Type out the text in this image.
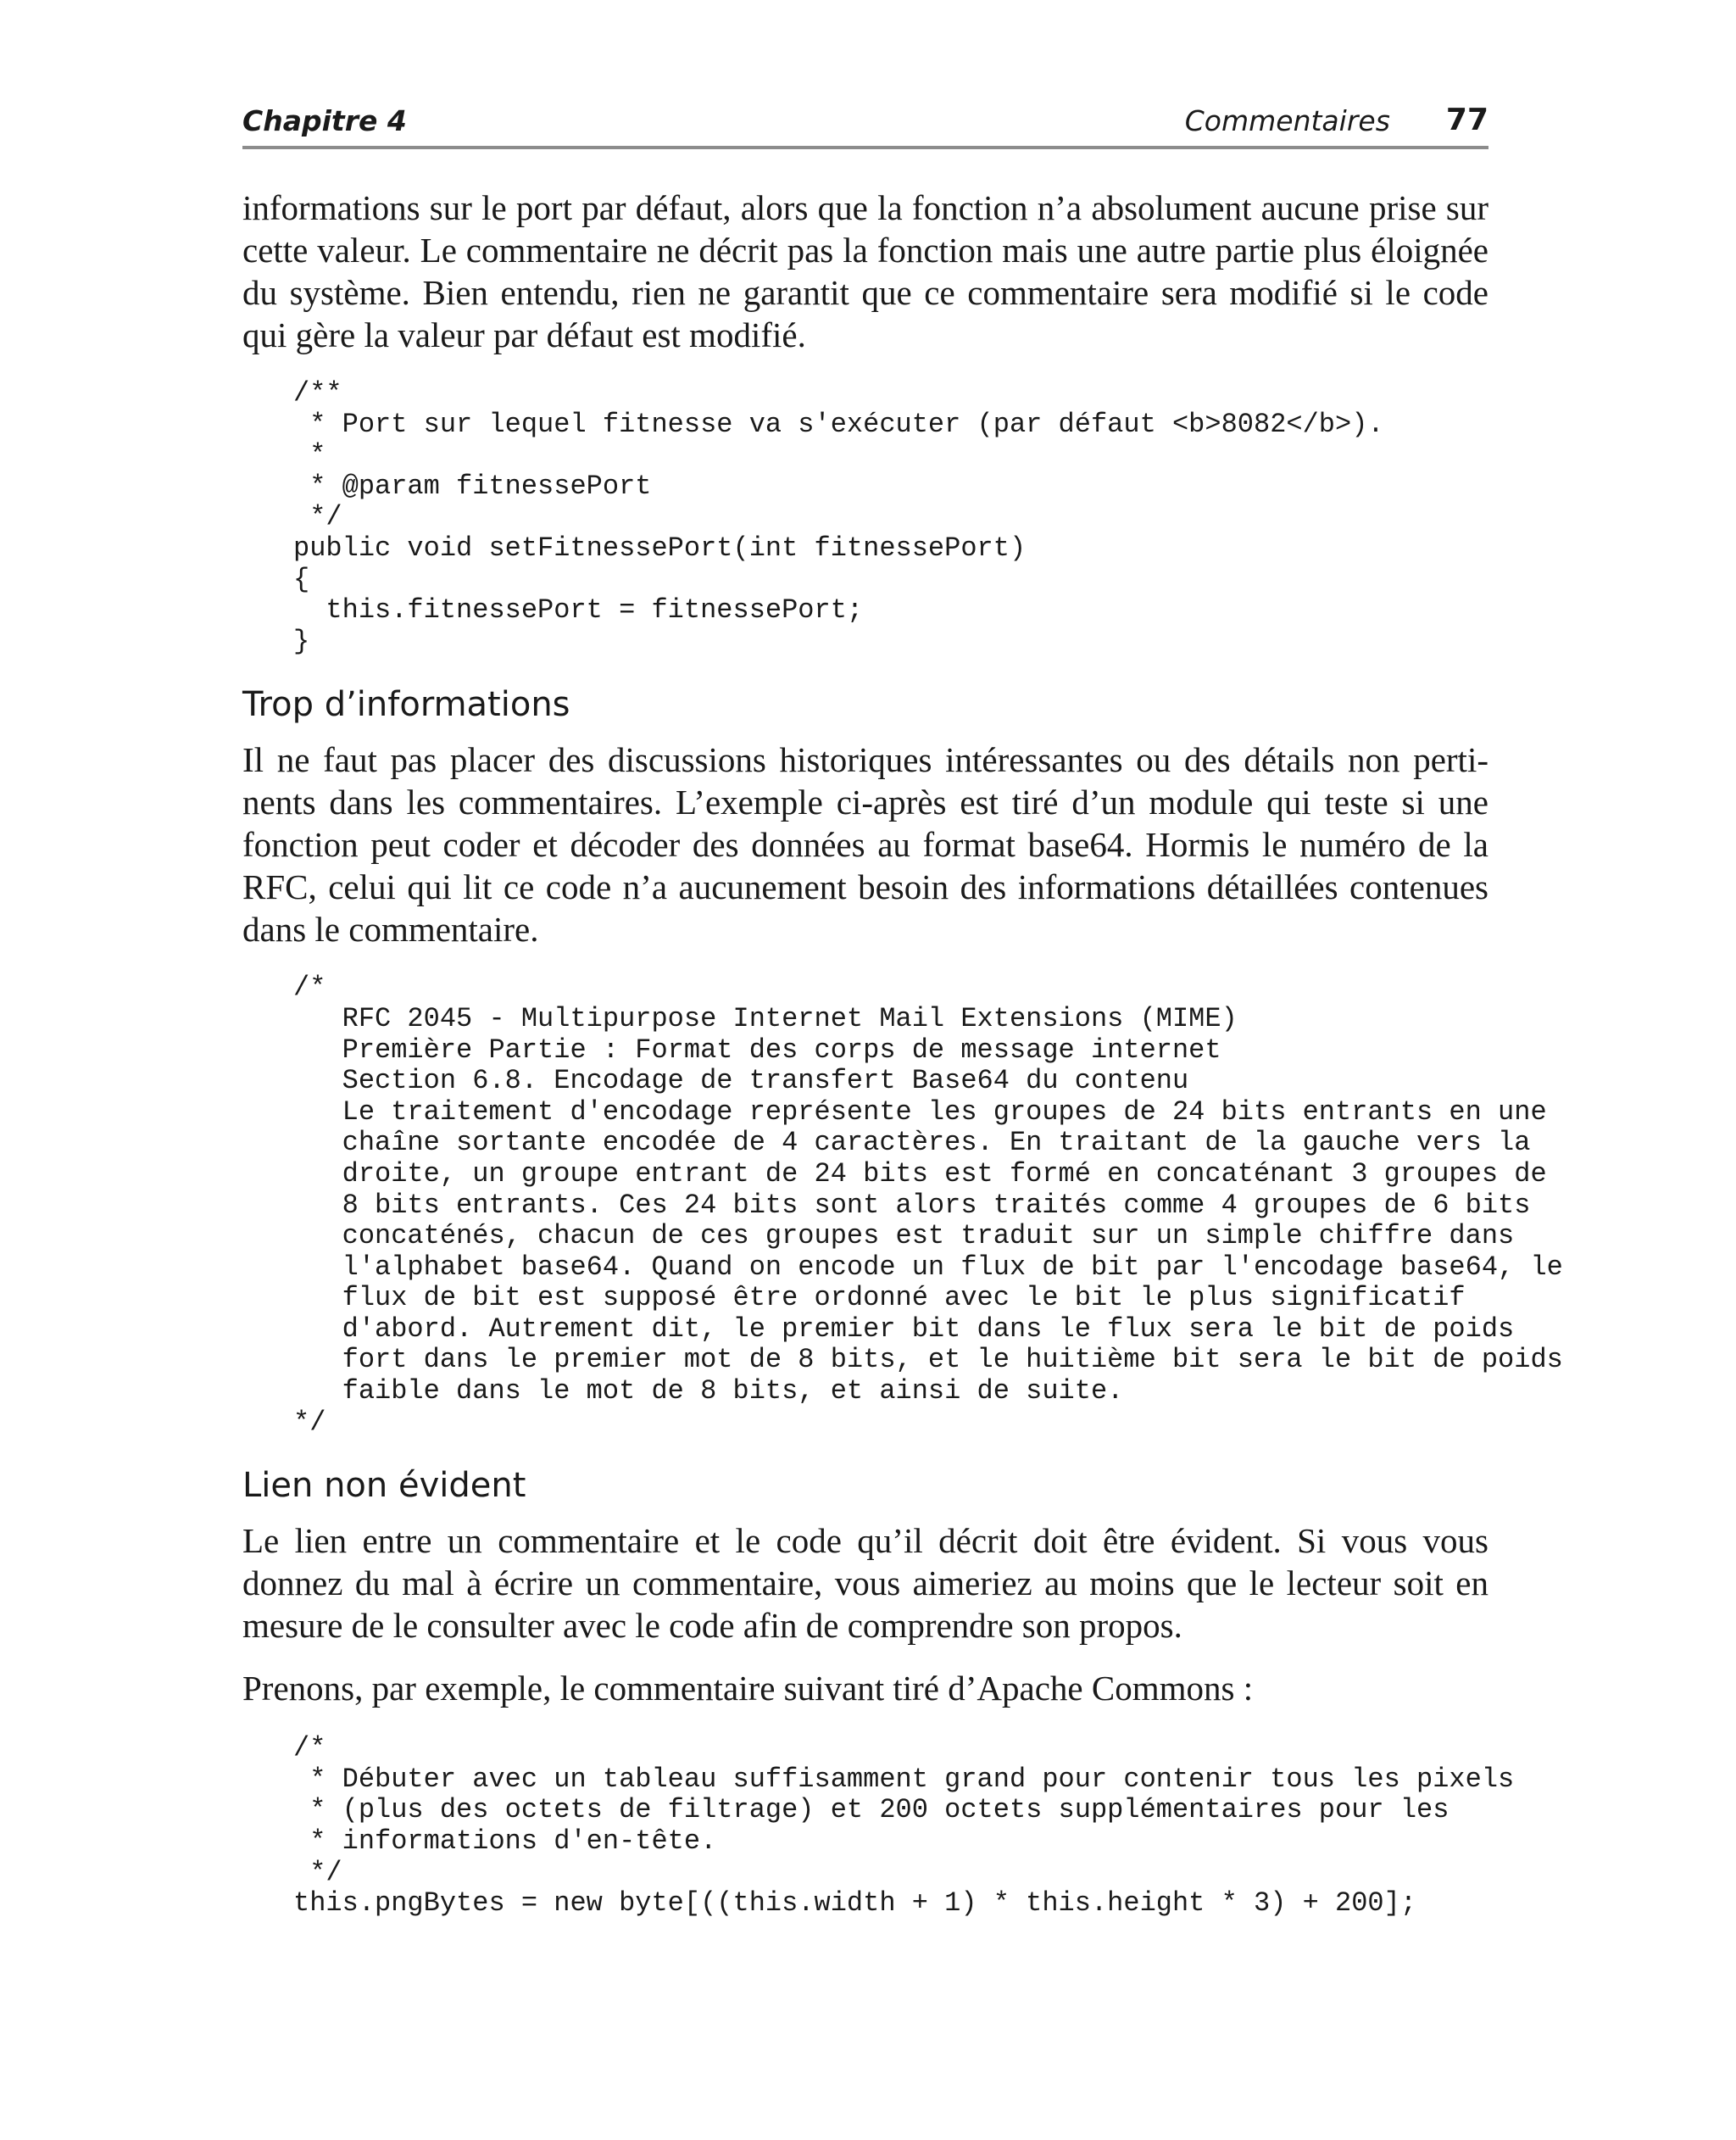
Chapitre 4	Commentaires 77

informations sur le port par défaut, alors que la fonction n’a absolument aucune prise sur cette valeur. Le commentaire ne décrit pas la fonction mais une autre partie plus éloignée du système. Bien entendu, rien ne garantit que ce commentaire sera modifié si le code qui gère la valeur par défaut est modifié.

/**
* Port sur lequel fitnesse va s'exécuter (par défaut <b>8082</b>).
*
* @param fitnessePort
*/
public void setFitnessePort(int fitnessePort)
{
this.fitnessePort = fitnessePort;
}
Trop d’informations

Il ne faut pas placer des discussions historiques intéressantes ou des détails non perti-nents dans les commentaires. L’exemple ci-après est tiré d’un module qui teste si une fonction peut coder et décoder des données au format base64. Hormis le numéro de la RFC, celui qui lit ce code n’a aucunement besoin des informations détaillées contenues dans le commentaire.

/*
RFC 2045 - Multipurpose Internet Mail Extensions (MIME)
Première Partie : Format des corps de message internet
Section 6.8. Encodage de transfert Base64 du contenu
Le traitement d'encodage représente les groupes de 24 bits entrants en une
chaîne sortante encodée de 4 caractères. En traitant de la gauche vers la
droite, un groupe entrant de 24 bits est formé en concaténant 3 groupes de
8 bits entrants. Ces 24 bits sont alors traités comme 4 groupes de 6 bits
concaténés, chacun de ces groupes est traduit sur un simple chiffre dans
l'alphabet base64. Quand on encode un flux de bit par l'encodage base64, le
flux de bit est supposé être ordonné avec le bit le plus significatif
d'abord. Autrement dit, le premier bit dans le flux sera le bit de poids
fort dans le premier mot de 8 bits, et le huitième bit sera le bit de poids
faible dans le mot de 8 bits, et ainsi de suite.
*/
Lien non évident

Le lien entre un commentaire et le code qu’il décrit doit être évident. Si vous vous donnez du mal à écrire un commentaire, vous aimeriez au moins que le lecteur soit en mesure de le consulter avec le code afin de comprendre son propos.

Prenons, par exemple, le commentaire suivant tiré d’Apache Commons :

/*
* Débuter avec un tableau suffisamment grand pour contenir tous les pixels
* (plus des octets de filtrage) et 200 octets supplémentaires pour les
* informations d'en-tête.
*/
this.pngBytes = new byte[((this.width + 1) * this.height * 3) + 200];
